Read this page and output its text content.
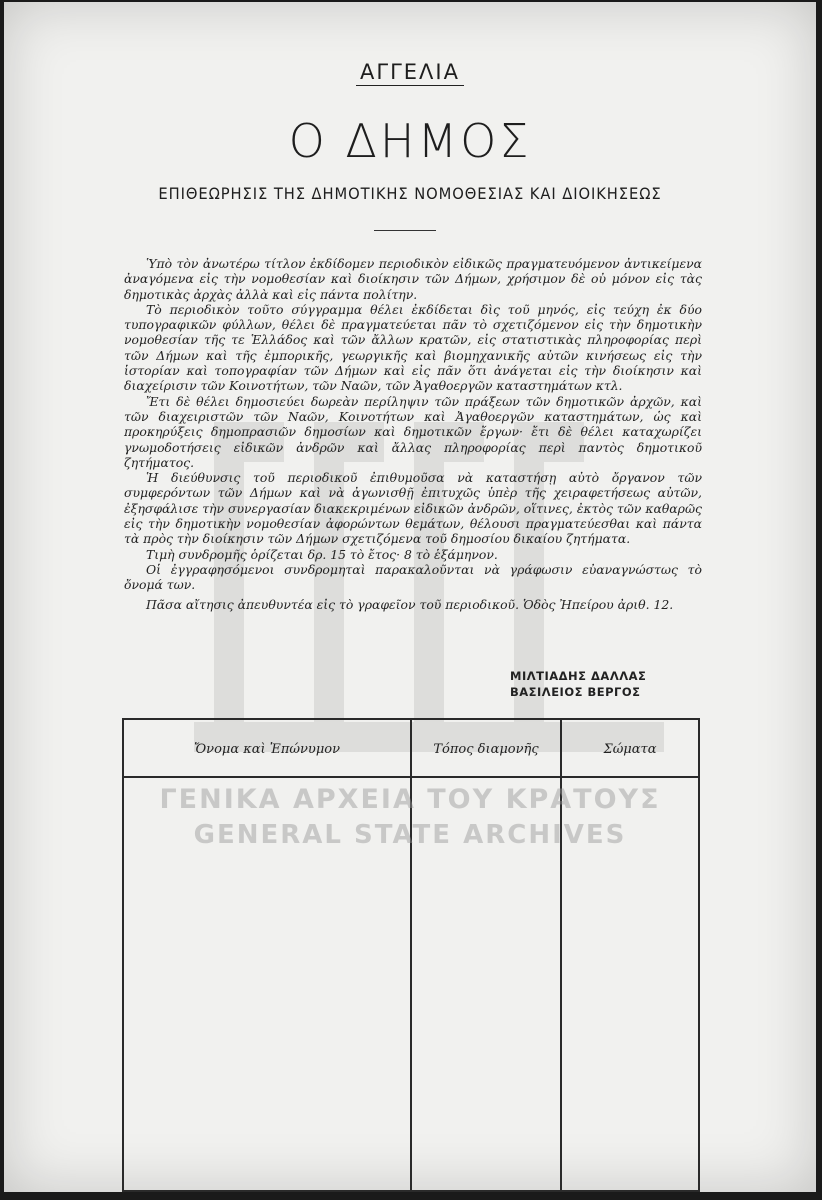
ΑΓΓΕΛΙΑ
Ο ΔΗΜΟΣ
ΕΠΙΘΕΩΡΗΣΙΣ ΤΗΣ ΔΗΜΟΤΙΚΗΣ ΝΟΜΟΘΕΣΙΑΣ ΚΑΙ ΔΙΟΙΚΗΣΕΩΣ

Ὑπὸ τὸν ἀνωτέρω τίτλον ἐκδίδομεν περιοδικὸν εἰδικῶς πραγματευόμενον ἀντικείμενα ἀναγόμενα εἰς τὴν νομοθεσίαν καὶ διοίκησιν τῶν Δήμων, χρήσιμον δὲ οὐ μόνον εἰς τὰς δημοτικὰς ἀρχὰς ἀλλὰ καὶ εἰς πάντα πολίτην.

Τὸ περιοδικὸν τοῦτο σύγγραμμα θέλει ἐκδίδεται δὶς τοῦ μηνός, εἰς τεύχη ἐκ δύο τυπογραφικῶν φύλλων, θέλει δὲ πραγματεύεται πᾶν τὸ σχετιζόμενον εἰς τὴν δημοτικὴν νομοθεσίαν τῆς τε Ἑλλάδος καὶ τῶν ἄλλων κρατῶν, εἰς στατιστικὰς πληροφορίας περὶ τῶν Δήμων καὶ τῆς ἐμπορικῆς, γεωργικῆς καὶ βιομηχανικῆς αὐτῶν κινήσεως εἰς τὴν ἱστορίαν καὶ τοπογραφίαν τῶν Δήμων καὶ εἰς πᾶν ὅτι ἀνάγεται εἰς τὴν διοίκησιν καὶ διαχείρισιν τῶν Κοινοτήτων, τῶν Ναῶν, τῶν Ἀγαθοεργῶν καταστημάτων κτλ.

Ἔτι δὲ θέλει δημοσιεύει δωρεὰν περίληψιν τῶν πράξεων τῶν δημοτικῶν ἀρχῶν, καὶ τῶν διαχειριστῶν τῶν Ναῶν, Κοινοτήτων καὶ Ἀγαθοεργῶν καταστημάτων, ὡς καὶ προκηρύξεις δημοπρασιῶν δημοσίων καὶ δημοτικῶν ἔργων· ἔτι δὲ θέλει καταχωρίζει γνωμοδοτήσεις εἰδικῶν ἀνδρῶν καὶ ἄλλας πληροφορίας περὶ παντὸς δημοτικοῦ ζητήματος.

Ἡ διεύθυνσις τοῦ περιοδικοῦ ἐπιθυμοῦσα νὰ καταστήσῃ αὐτὸ ὄργανον τῶν συμφερόντων τῶν Δήμων καὶ νὰ ἀγωνισθῇ ἐπιτυχῶς ὑπὲρ τῆς χειραφετήσεως αὐτῶν, ἐξησφάλισε τὴν συνεργασίαν διακεκριμένων εἰδικῶν ἀνδρῶν, οἵτινες, ἐκτὸς τῶν καθαρῶς εἰς τὴν δημοτικὴν νομοθεσίαν ἀφορώντων θεμάτων, θέλουσι πραγματεύεσθαι καὶ πάντα τὰ πρὸς τὴν διοίκησιν τῶν Δήμων σχετιζόμενα τοῦ δημοσίου δικαίου ζητήματα.

Τιμὴ συνδρομῆς ὁρίζεται δρ. 15 τὸ ἔτος· 8 τὸ ἑξάμηνον.

Οἱ ἐγγραφησόμενοι συνδρομηταὶ παρακαλοῦνται νὰ γράφωσιν εὐαναγνώστως τὸ ὄνομά των.

Πᾶσα αἴτησις ἀπευθυντέα εἰς τὸ γραφεῖον τοῦ περιοδικοῦ. Ὁδὸς Ἠπείρου ἀριθ. 12.

ΜΙΛΤΙΑΔΗΣ ΔΑΛΛΑΣ
ΒΑΣΙΛΕΙΟΣ ΒΕΡΓΟΣ
Ὄνομα καὶ Ἐπώνυμον	Τόπος διαμονῆς	Σώματα
ΓΕΝΙΚΑ ΑΡΧΕΙΑ ΤΟΥ ΚΡΑΤΟΥΣ
GENERAL STATE ARCHIVES
